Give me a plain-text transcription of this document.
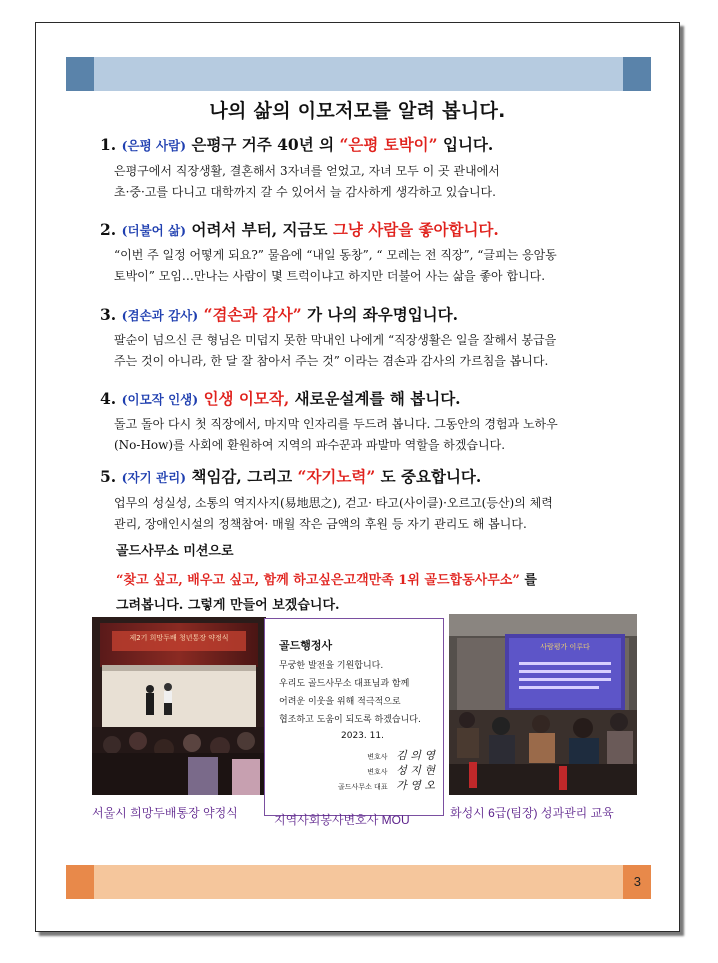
나의 삶의 이모저모를 알려 봅니다.
1. (은평 사람) 은평구 거주 40년 의 “은평 토박이” 입니다.
은평구에서 직장생활, 결혼해서 3자녀를 얻었고, 자녀 모두 이 곳 관내에서
초·중·고를 다니고 대학까지 갈 수 있어서 늘 감사하게 생각하고 있습니다.
2. (더불어 삶) 어려서 부터, 지금도 그냥 사람을 좋아합니다.
“이번 주 일정 어떻게 되요?” 물음에 “내일 동창”, “ 모레는 전 직장”, “글피는 응암동
토박이” 모임…만나는 사람이 몇 트럭이냐고 하지만 더불어 사는 삶을 좋아 합니다.
3. (겸손과 감사) “겸손과 감사” 가 나의 좌우명입니다.
팔순이 넘으신 큰 형님은 미덥지 못한 막내인 나에게 “직장생활은 일을 잘해서 봉급을
주는 것이 아니라, 한 달 잘 참아서 주는 것” 이라는 겸손과 감사의 가르침을 봅니다.
4. (이모작 인생) 인생 이모작, 새로운설계를 해 봅니다.
돌고 돌아 다시 첫 직장에서, 마지막 인자리를 두드려 봅니다. 그동안의 경험과 노하우
(No-How)를 사회에 환원하여 지역의 파수꾼과 파발마 역할을 하겠습니다.
5. (자기 관리) 책임감, 그리고 “자기노력” 도 중요합니다.
업무의 성실성, 소통의 역지사지(易地思之), 걷고· 타고(사이클)·오르고(등산)의 체력
관리, 장애인시설의 정책참여· 매월 작은 금액의 후원 등 자기 관리도 해 봅니다.
골드사무소 미션으로
“찾고 싶고, 배우고 싶고, 함께 하고싶은고객만족 1위 골드합동사무소” 를
그려봅니다. 그렇게 만들어 보겠습니다.
제2기 희망두배 청년통장 약정식
서울시 희망두배통장 약정식
골드행정사
무궁한 발전을 기원합니다.
우리도 골드사무소 대표님과 함께
어려운 이웃을 위해 적극적으로
협조하고 도움이 되도록 하겠습니다.
2023. 11.
변호사 김 의 영
변호사 성 지 현
골드사무소 대표 가 영 오
지역사회봉사변호사 MOU
사람평가 이루다
화성시 6급(팀장) 성과관리 교육
3
